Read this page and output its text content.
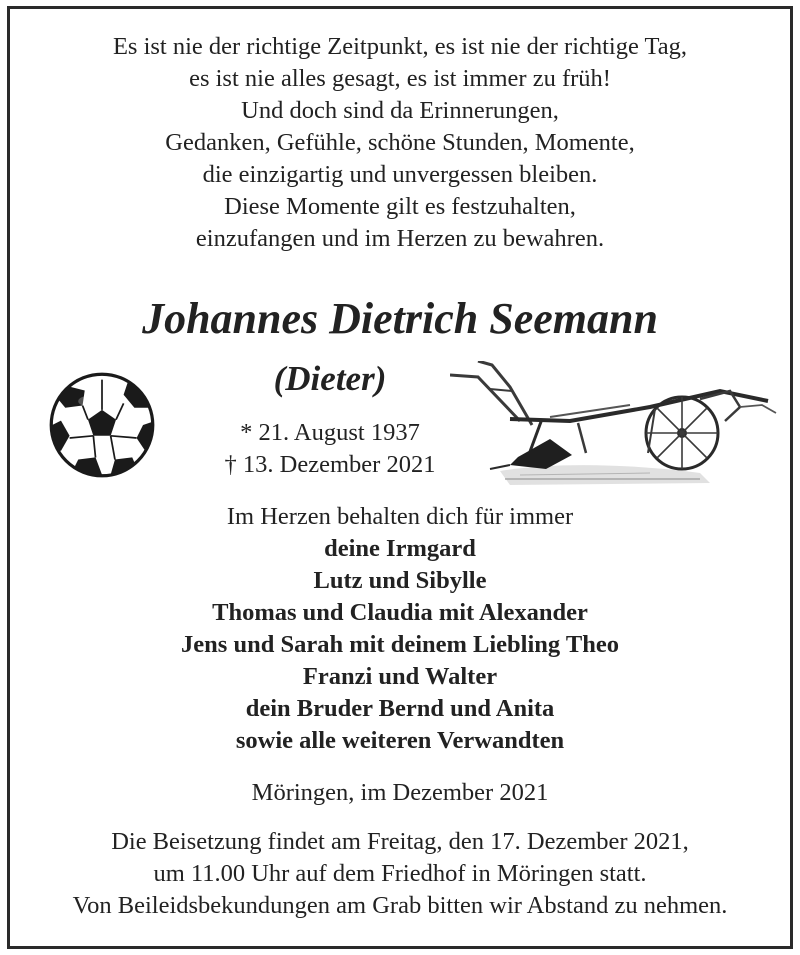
Es ist nie der richtige Zeitpunkt, es ist nie der richtige Tag,
es ist nie alles gesagt, es ist immer zu früh!
Und doch sind da Erinnerungen,
Gedanken, Gefühle, schöne Stunden, Momente,
die einzigartig und unvergessen bleiben.
Diese Momente gilt es festzuhalten,
einzufangen und im Herzen zu bewahren.
Johannes Dietrich Seemann
(Dieter)
* 21. August 1937
† 13. Dezember 2021
Im Herzen behalten dich für immer
deine Irmgard
Lutz und Sibylle
Thomas und Claudia mit Alexander
Jens und Sarah mit deinem Liebling Theo
Franzi und Walter
dein Bruder Bernd und Anita
sowie alle weiteren Verwandten
Möringen, im Dezember 2021
Die Beisetzung findet am Freitag, den 17. Dezember 2021,
um 11.00 Uhr auf dem Friedhof in Möringen statt.
Von Beileidsbekundungen am Grab bitten wir Abstand zu nehmen.
